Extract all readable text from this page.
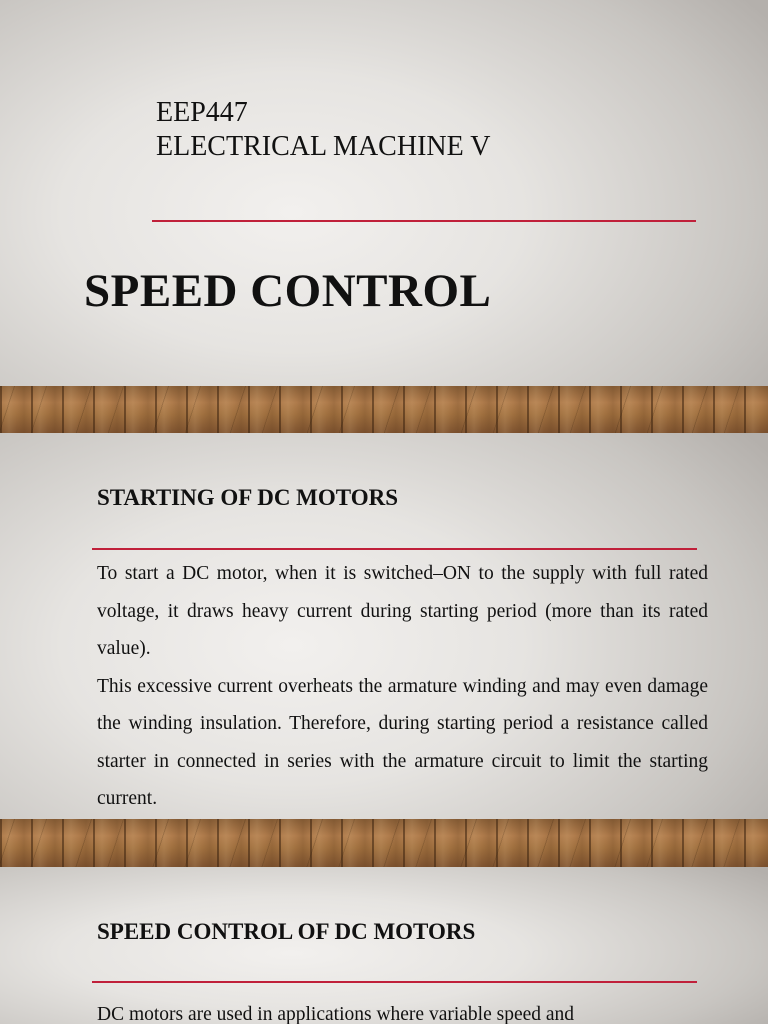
EEP447
ELECTRICAL MACHINE V
SPEED CONTROL
STARTING OF DC MOTORS

To start a DC motor, when it is switched–ON to the supply with full rated voltage, it draws heavy current during starting period (more than its rated value).

This excessive current overheats the armature winding and may even damage the winding insulation. Therefore, during starting period a resistance called starter in connected in series with the armature circuit to limit the starting current.

SPEED CONTROL OF DC MOTORS

DC motors are used in applications where variable speed and
